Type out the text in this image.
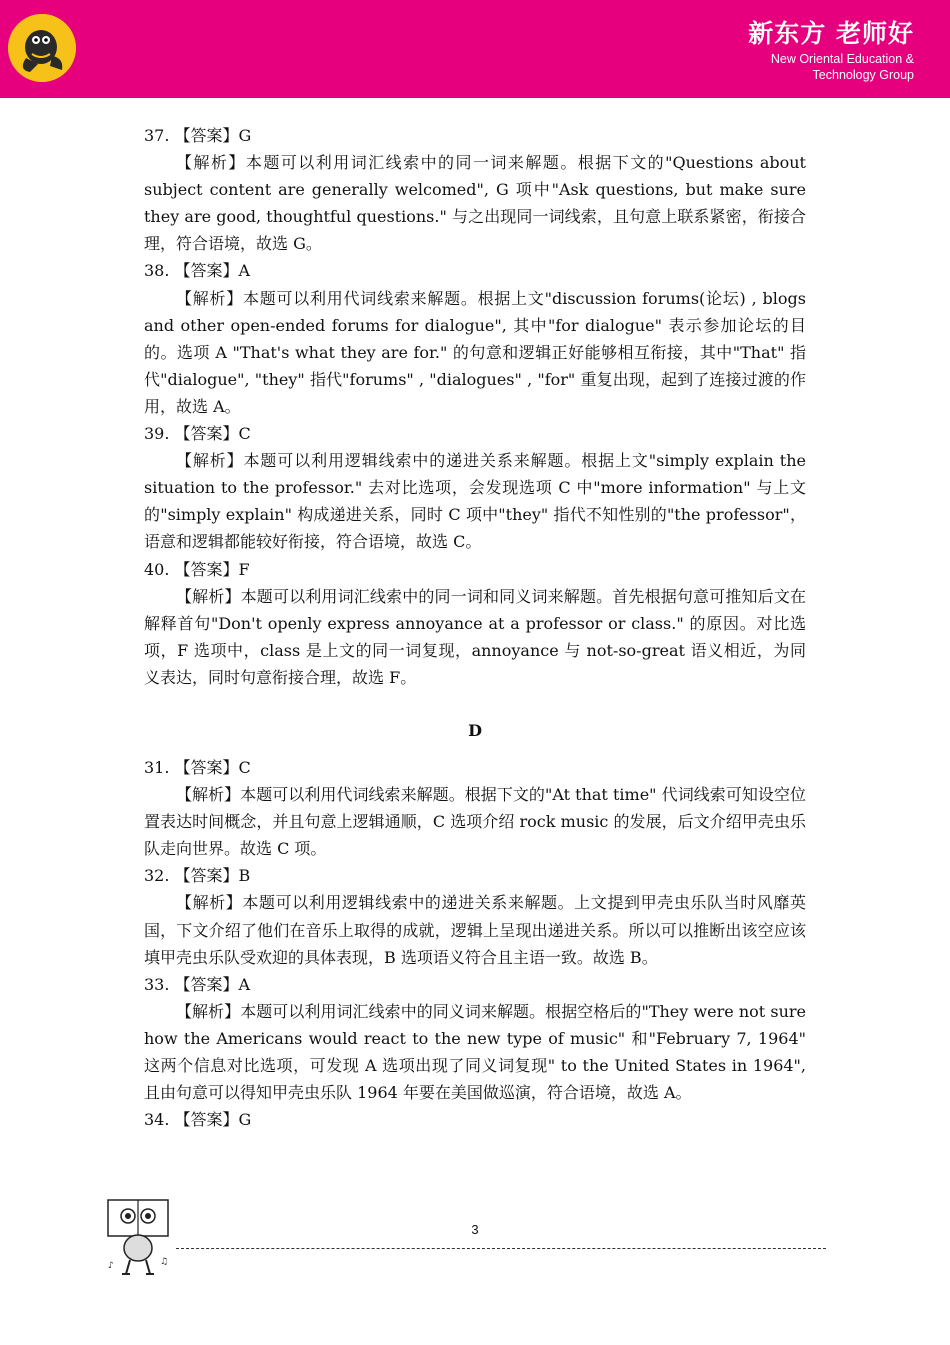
新东方 老师好
New Oriental Education &
Technology Group

37. 【答案】G

【解析】本题可以利用词汇线索中的同一词来解题。根据下文的"Questions about subject content are generally welcomed", G 项中"Ask questions, but make sure they are good, thoughtful questions." 与之出现同一词线索，且句意上联系紧密，衔接合理，符合语境，故选 G。

38. 【答案】A

【解析】本题可以利用代词线索来解题。根据上文"discussion forums(论坛) , blogs and other open-ended forums for dialogue", 其中"for dialogue" 表示参加论坛的目的。选项 A "That's what they are for." 的句意和逻辑正好能够相互衔接，其中"That" 指代"dialogue", "they" 指代"forums" , "dialogues" , "for" 重复出现，起到了连接过渡的作用，故选 A。

39. 【答案】C

【解析】本题可以利用逻辑线索中的递进关系来解题。根据上文"simply explain the situation to the professor." 去对比选项，会发现选项 C 中"more information" 与上文的"simply explain" 构成递进关系，同时 C 项中"they" 指代不知性别的"the professor"，语意和逻辑都能较好衔接，符合语境，故选 C。

40. 【答案】F

【解析】本题可以利用词汇线索中的同一词和同义词来解题。首先根据句意可推知后文在解释首句"Don't openly express annoyance at a professor or class." 的原因。对比选项，F 选项中，class 是上文的同一词复现，annoyance 与 not-so-great 语义相近，为同义表达，同时句意衔接合理，故选 F。

D

31. 【答案】C

【解析】本题可以利用代词线索来解题。根据下文的"At that time" 代词线索可知设空位置表达时间概念，并且句意上逻辑通顺，C 选项介绍 rock music 的发展，后文介绍甲壳虫乐队走向世界。故选 C 项。

32. 【答案】B

【解析】本题可以利用逻辑线索中的递进关系来解题。上文提到甲壳虫乐队当时风靡英国，下文介绍了他们在音乐上取得的成就，逻辑上呈现出递进关系。所以可以推断出该空应该填甲壳虫乐队受欢迎的具体表现，B 选项语义符合且主语一致。故选 B。

33. 【答案】A

【解析】本题可以利用词汇线索中的同义词来解题。根据空格后的"They were not sure how the Americans would react to the new type of music" 和"February 7, 1964" 这两个信息对比选项，可发现 A 选项出现了同义词复现" to the United States in 1964", 且由句意可以得知甲壳虫乐队 1964 年要在美国做巡演，符合语境，故选 A。

34. 【答案】G

♪	♫
3
